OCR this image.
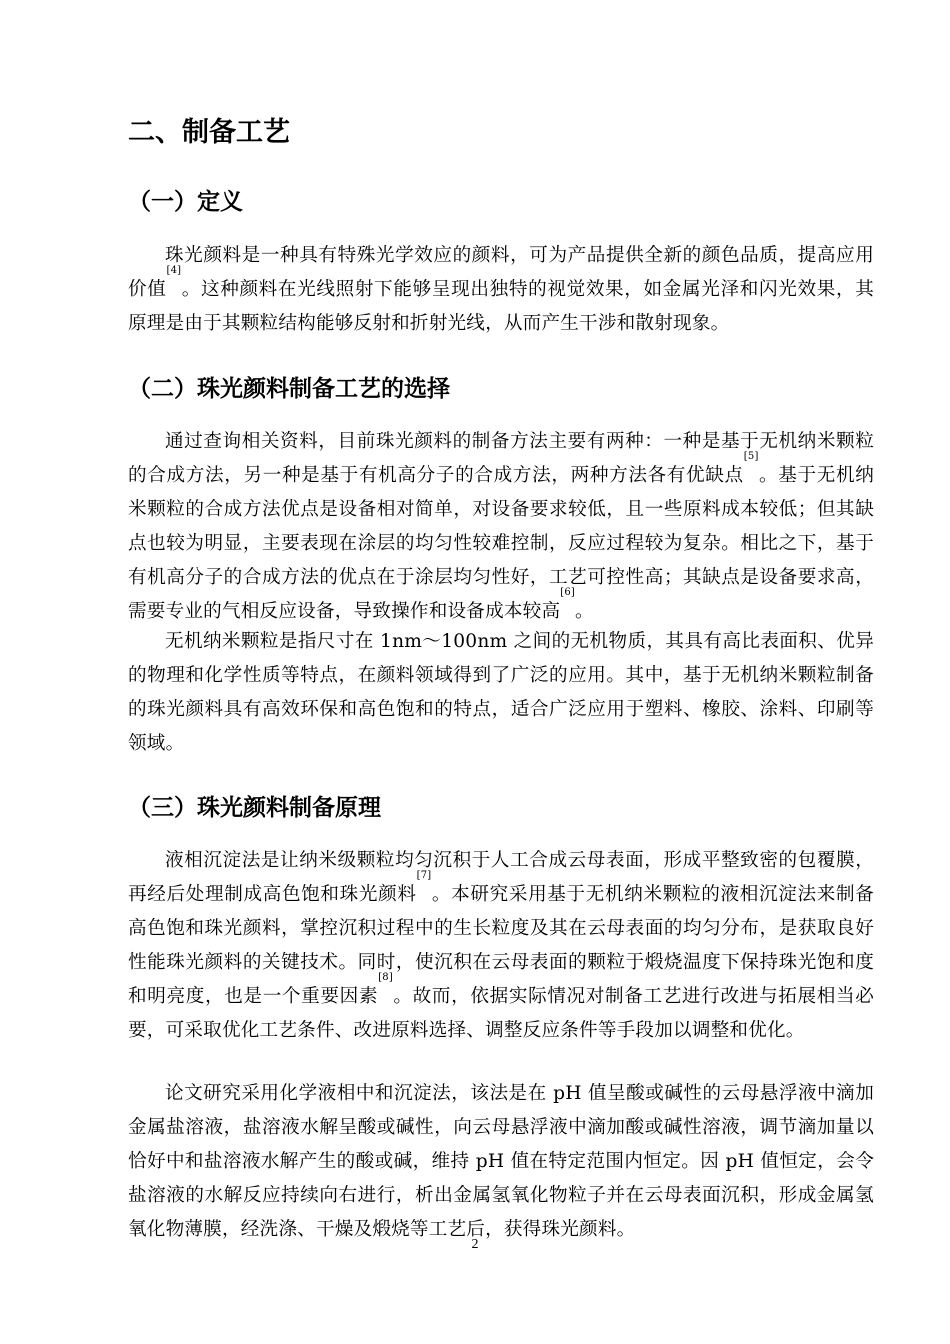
二、制备工艺
（一）定义

珠光颜料是一种具有特殊光学效应的颜料，可为产品提供全新的颜色品质，提高应用价值[4]。这种颜料在光线照射下能够呈现出独特的视觉效果，如金属光泽和闪光效果，其原理是由于其颗粒结构能够反射和折射光线，从而产生干涉和散射现象。

（二）珠光颜料制备工艺的选择

通过查询相关资料，目前珠光颜料的制备方法主要有两种：一种是基于无机纳米颗粒的合成方法，另一种是基于有机高分子的合成方法，两种方法各有优缺点[5]。基于无机纳米颗粒的合成方法优点是设备相对简单，对设备要求较低，且一些原料成本较低；但其缺点也较为明显，主要表现在涂层的均匀性较难控制，反应过程较为复杂。相比之下，基于有机高分子的合成方法的优点在于涂层均匀性好，工艺可控性高；其缺点是设备要求高，需要专业的气相反应设备，导致操作和设备成本较高[6]。

无机纳米颗粒是指尺寸在 1nm～100nm 之间的无机物质，其具有高比表面积、优异的物理和化学性质等特点，在颜料领域得到了广泛的应用。其中，基于无机纳米颗粒制备的珠光颜料具有高效环保和高色饱和的特点，适合广泛应用于塑料、橡胶、涂料、印刷等领域。

（三）珠光颜料制备原理

液相沉淀法是让纳米级颗粒均匀沉积于人工合成云母表面，形成平整致密的包覆膜，再经后处理制成高色饱和珠光颜料[7]。本研究采用基于无机纳米颗粒的液相沉淀法来制备高色饱和珠光颜料，掌控沉积过程中的生长粒度及其在云母表面的均匀分布，是获取良好性能珠光颜料的关键技术。同时，使沉积在云母表面的颗粒于煅烧温度下保持珠光饱和度和明亮度，也是一个重要因素[8]。故而，依据实际情况对制备工艺进行改进与拓展相当必要，可采取优化工艺条件、改进原料选择、调整反应条件等手段加以调整和优化。

论文研究采用化学液相中和沉淀法，该法是在 pH 值呈酸或碱性的云母悬浮液中滴加金属盐溶液，盐溶液水解呈酸或碱性，向云母悬浮液中滴加酸或碱性溶液，调节滴加量以恰好中和盐溶液水解产生的酸或碱，维持 pH 值在特定范围内恒定。因 pH 值恒定，会令盐溶液的水解反应持续向右进行，析出金属氢氧化物粒子并在云母表面沉积，形成金属氢氧化物薄膜，经洗涤、干燥及煅烧等工艺后，获得珠光颜料。

2
